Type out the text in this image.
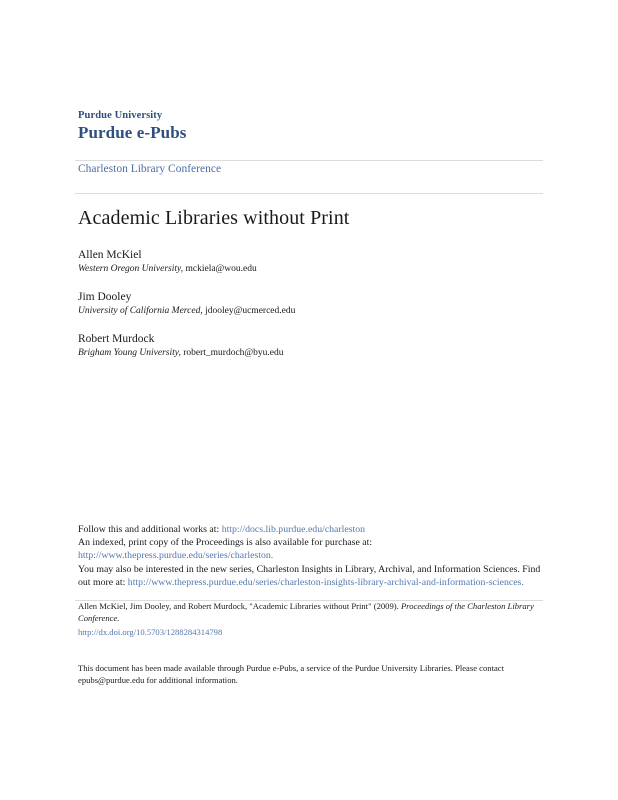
Purdue University
Purdue e-Pubs
Charleston Library Conference
Academic Libraries without Print
Allen McKiel
Western Oregon University, mckiela@wou.edu
Jim Dooley
University of California Merced, jdooley@ucmerced.edu
Robert Murdock
Brigham Young University, robert_murdoch@byu.edu

Follow this and additional works at: http://docs.lib.purdue.edu/charleston

An indexed, print copy of the Proceedings is also available for purchase at: http://www.thepress.purdue.edu/series/charleston.

You may also be interested in the new series, Charleston Insights in Library, Archival, and Information Sciences. Find out more at: http://www.thepress.purdue.edu/series/charleston-insights-library-archival-and-information-sciences.

Allen McKiel, Jim Dooley, and Robert Murdock, "Academic Libraries without Print" (2009). Proceedings of the Charleston Library Conference.
http://dx.doi.org/10.5703/1288284314798
This document has been made available through Purdue e-Pubs, a service of the Purdue University Libraries. Please contact epubs@purdue.edu for additional information.
